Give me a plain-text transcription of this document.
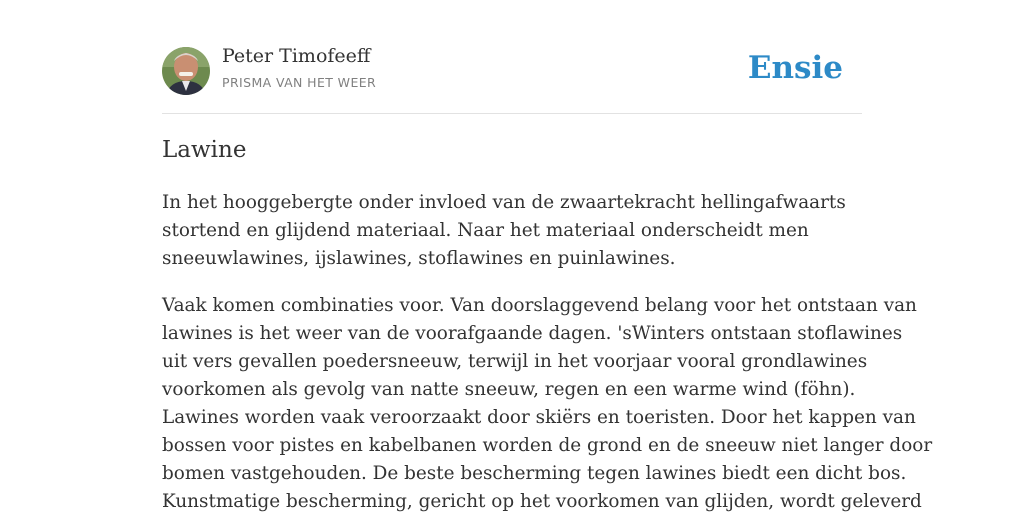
Peter Timofeeff
PRISMA VAN HET WEER	Ensie
Lawine

In het hooggebergte onder invloed van de zwaartekracht hellingafwaarts
stortend en glijdend materiaal. Naar het materiaal onderscheidt men
sneeuwlawines, ijslawines, stoflawines en puinlawines.

Vaak komen combinaties voor. Van doorslaggevend belang voor het ontstaan van
lawines is het weer van de voorafgaande dagen. 'sWinters ontstaan stoflawines
uit vers gevallen poedersneeuw, terwijl in het voorjaar vooral grondlawines
voorkomen als gevolg van natte sneeuw, regen en een warme wind (föhn).
Lawines worden vaak veroorzaakt door skiërs en toeristen. Door het kappen van
bossen voor pistes en kabelbanen worden de grond en de sneeuw niet langer door
bomen vastgehouden. De beste bescherming tegen lawines biedt een dicht bos.
Kunstmatige bescherming, gericht op het voorkomen van glijden, wordt geleverd
